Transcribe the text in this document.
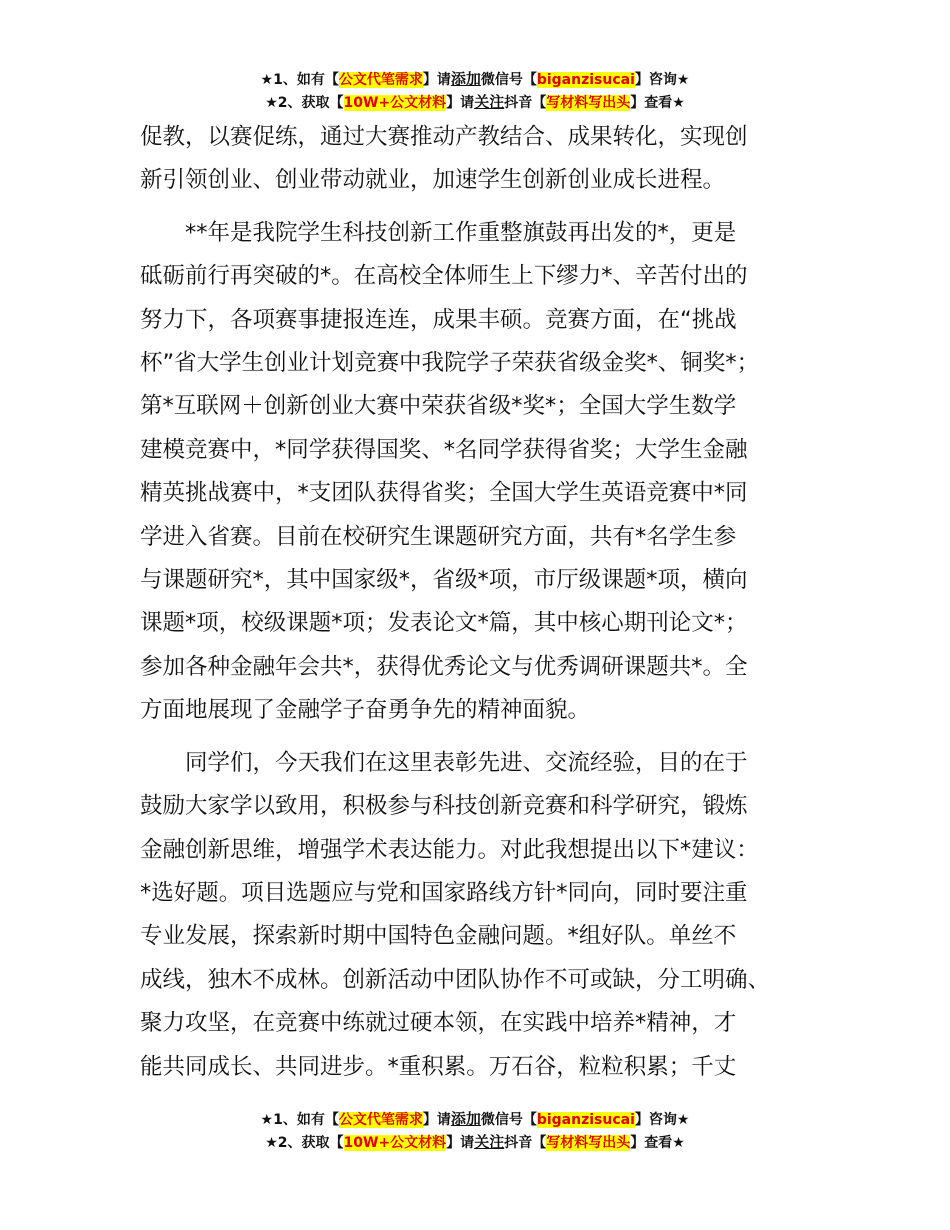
★1、如有【公文代笔需求】请添加微信号【biganzisucai】咨询★
★2、获取【10W+公文材料】请关注抖音【写材料写出头】查看★
促教，以赛促练，通过大赛推动产教结合、成果转化，实现创
新引领创业、创业带动就业，加速学生创新创业成长进程。
　　**年是我院学生科技创新工作重整旗鼓再出发的*，更是
砥砺前行再突破的*。在高校全体师生上下缪力*、辛苦付出的
努力下，各项赛事捷报连连，成果丰硕。竞赛方面，在“挑战
杯”省大学生创业计划竞赛中我院学子荣获省级金奖*、铜奖*；
第*互联网＋创新创业大赛中荣获省级*奖*；全国大学生数学
建模竞赛中，*同学获得国奖、*名同学获得省奖；大学生金融
精英挑战赛中，*支团队获得省奖；全国大学生英语竞赛中*同
学进入省赛。目前在校研究生课题研究方面，共有*名学生参
与课题研究*，其中国家级*，省级*项，市厅级课题*项，横向
课题*项，校级课题*项；发表论文*篇，其中核心期刊论文*；
参加各种金融年会共*，获得优秀论文与优秀调研课题共*。全
方面地展现了金融学子奋勇争先的精神面貌。
　　同学们，今天我们在这里表彰先进、交流经验，目的在于
鼓励大家学以致用，积极参与科技创新竞赛和科学研究，锻炼
金融创新思维，增强学术表达能力。对此我想提出以下*建议：
*选好题。项目选题应与党和国家路线方针*同向，同时要注重
专业发展，探索新时期中国特色金融问题。*组好队。单丝不
成线，独木不成林。创新活动中团队协作不可或缺，分工明确、
聚力攻坚，在竞赛中练就过硬本领，在实践中培养*精神，才
能共同成长、共同进步。*重积累。万石谷，粒粒积累；千丈
★1、如有【公文代笔需求】请添加微信号【biganzisucai】咨询★
★2、获取【10W+公文材料】请关注抖音【写材料写出头】查看★
